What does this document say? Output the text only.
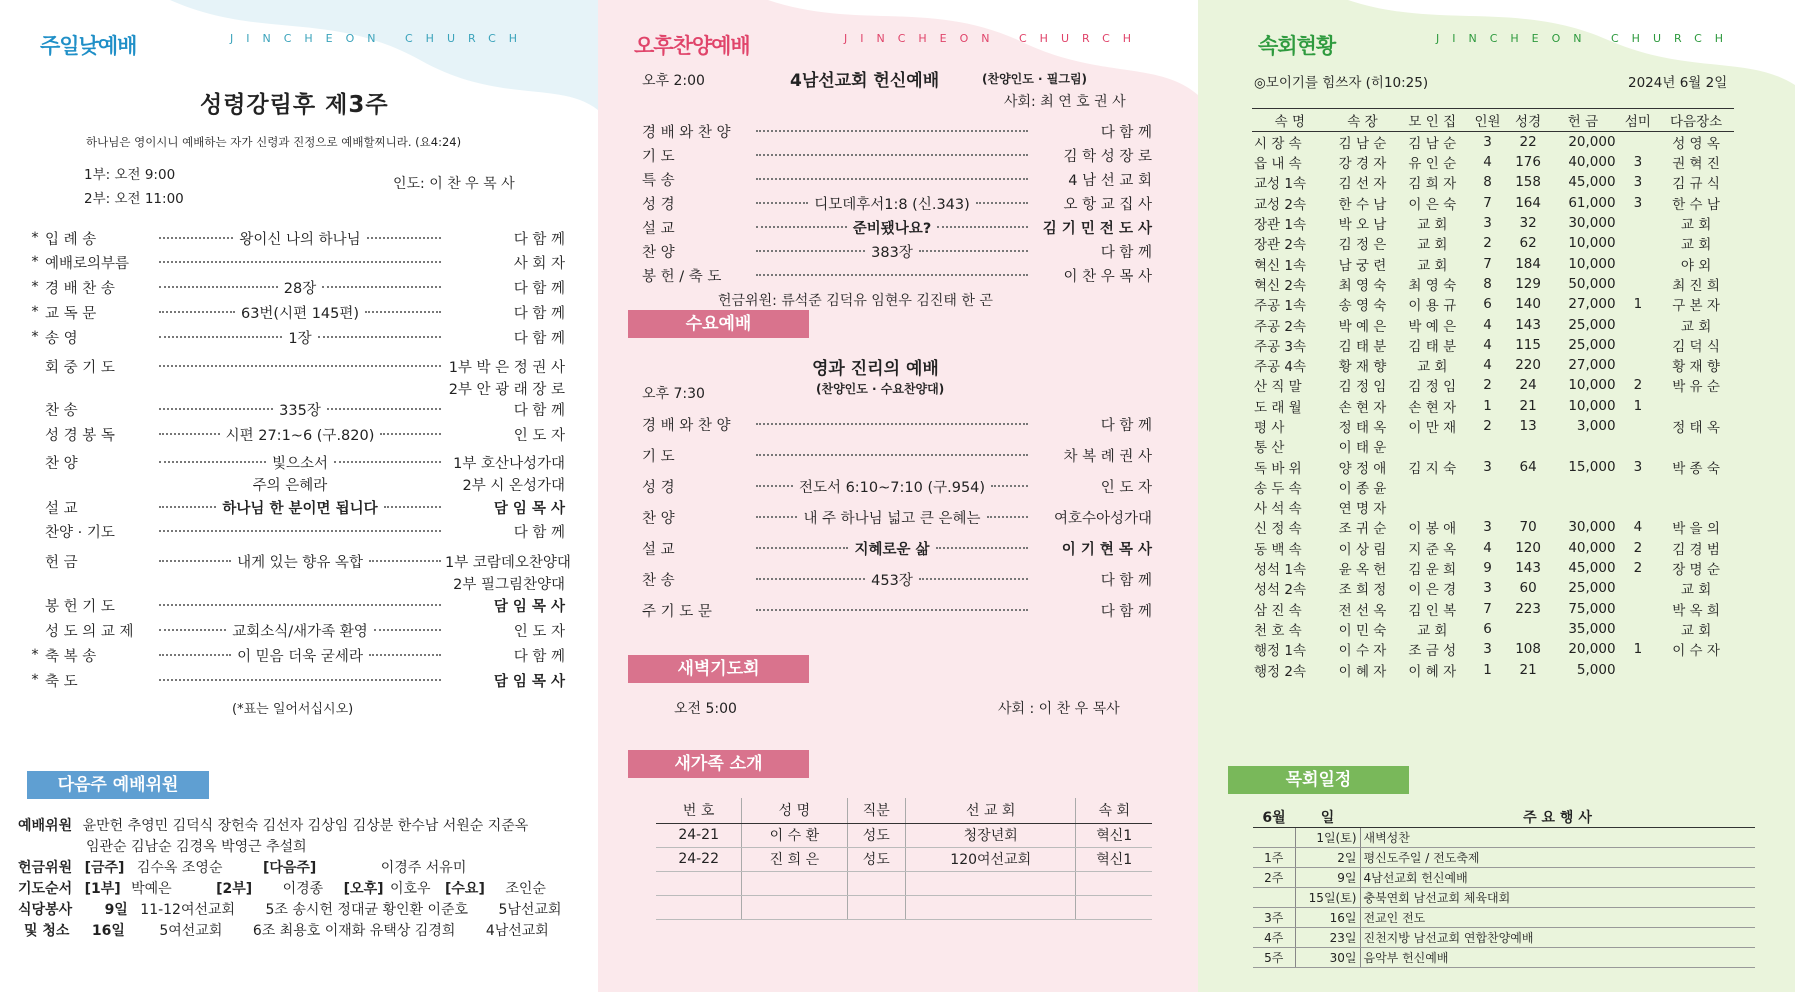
주일낮예배	JINCHEON CHURCH
성령강림후 제3주
하나님은 영이시니 예배하는 자가 신령과 진정으로 예배할찌니라. (요4:24)
1부: 오전 9:00
2부: 오전 11:00
인도: 이 찬 우 목 사
* 입 례 송	왕이신 나의 하나님	다 함 께
* 예배로의부름	사 회 자
* 경 배 찬 송	28장	다 함 께
* 교 독 문	63번(시편 145편)	다 함 께
* 송 영	1장	다 함 께
회 중 기 도	1부 박 은 정 권 사
2부 안 광 래 장 로
찬 송	335장	다 함 께
성 경 봉 독	시편 27:1~6 (구.820)	인 도 자
찬 양	빛으소서	1부 호산나성가대
2부 시 온성가대
주의 은혜라
설 교	하나님 한 분이면 됩니다	담 임 목 사
찬양 · 기도	다 함 께
헌 금	내게 있는 향유 옥합	1부 코람데오찬양대
2부 필그림찬양대
봉 헌 기 도	담 임 목 사
성 도 의 교 제	교회소식/새가족 환영	인 도 자
* 축 복 송	이 믿음 더욱 굳세라	다 함 께
* 축 도	담 임 목 사
(*표는 일어서십시오)
다음주 예배위원
예배위원 윤만헌 추영민 김덕식 장헌숙 김선자 김상임 김상분 한수남 서원순 지준옥
임관순 김남순 김경옥 박영근 추설희
헌금위원 [금주] 김수옥 조영순	[다음주]	이경주 서유미
기도순서 [1부] 박예은	[2부] 이경종 [오후] 이호우 [수요] 조인순
식당봉사 9일 11-12여선교회 5조 송시헌 정대균 황인환 이준호 5남선교회
및 청소 16일 5여선교회 6조 최용호 이재화 유택상 김경희 4남선교회
오후찬양예배	JINCHEON CHURCH
오후 2:00	4남선교회 헌신예배	(찬양인도 · 필그림)
사회: 최 연 호 권 사
경 배 와 찬 양	다 함 께
기 도	김 학 성 장 로
특 송	4 남 선 교 회
성 경	디모데후서1:8 (신.343)	오 항 교 집 사
설 교	준비됐나요?	김 기 민 전 도 사
찬 양	383장	다 함 께
봉 헌 / 축 도	이 찬 우 목 사
헌금위원: 류석준 김덕유 임현우 김진태 한 곤
수요예배
영과 진리의 예배
(찬양인도 · 수요찬양대)
오후 7:30
경 배 와 찬 양	다 함 께
기 도	차 복 례 권 사
성 경	전도서 6:10~7:10 (구.954)	인 도 자
찬 양	내 주 하나님 넓고 큰 은혜는	여호수아성가대
설 교	지혜로운 삶	이 기 현 목 사
찬 송	453장	다 함 께
주 기 도 문	다 함 께
새벽기도회
오전 5:00	사회 : 이 찬 우 목사
새가족 소개
번 호	성 명	직분	선 교 회	속 회
24-21	이 수 환	성도	청장년회	혁신1
24-22	진 희 은	성도	120여선교회	혁신1

속회현황	JINCHEON CHURCH
◎모이기를 힘쓰자 (히10:25)	2024년 6월 2일
속 명	속 장	모 인 집	인원	성경	헌 금	섬미	다음장소
시 장 속	김 남 순	김 남 순	3	22	20,000		성 영 옥
읍 내 속	강 경 자	유 인 순	4	176	40,000	3	권 혁 진
교성 1속	김 선 자	김 희 자	8	158	45,000	3	김 규 식
교성 2속	한 수 남	이 은 숙	7	164	61,000	3	한 수 남
장관 1속	박 오 남	교 회	3	32	30,000		교 회
장관 2속	김 정 은	교 회	2	62	10,000		교 회
혁신 1속	남 궁 련	교 회	7	184	10,000		야 외
혁신 2속	최 영 숙	최 영 숙	8	129	50,000		최 진 희
주공 1속	송 영 숙	이 용 규	6	140	27,000	1	구 본 자
주공 2속	박 예 은	박 예 은	4	143	25,000		교 회
주공 3속	김 태 분	김 태 분	4	115	25,000		김 덕 식
주공 4속	황 재 향	교 회	4	220	27,000		황 재 향
산 직 말	김 정 임	김 정 임	2	24	10,000	2	박 유 순
도 래 월	손 현 자	손 현 자	1	21	10,000	1	
평 사	정 태 옥	이 만 재	2	13	3,000		정 태 옥
통 산	이 태 운						
독 바 위	양 정 애	김 지 숙	3	64	15,000	3	박 종 숙
송 두 속	이 종 윤						
사 석 속	연 명 자						
신 정 속	조 귀 순	이 봉 애	3	70	30,000	4	박 을 의
동 백 속	이 상 림	지 준 옥	4	120	40,000	2	김 경 범
성석 1속	윤 옥 헌	김 운 희	9	143	45,000	2	장 명 순
성석 2속	조 희 정	이 은 경	3	60	25,000		교 회
삼 진 속	전 선 옥	김 인 복	7	223	75,000		박 옥 희
천 호 속	이 민 숙	교 회	6		35,000		교 회
행정 1속	이 수 자	조 금 성	3	108	20,000	1	이 수 자
행정 2속	이 혜 자	이 혜 자	1	21	5,000		
목회일정
6월	일	주 요 행 사
	1일(토)	새벽성찬
1주	2일	평신도주일 / 전도축제
2주	9일	4남선교회 헌신예배
	15일(토)	충북연회 남선교회 체육대회
3주	16일	전교인 전도
4주	23일	진천지방 남선교회 연합찬양예배
5주	30일	음악부 헌신예배
